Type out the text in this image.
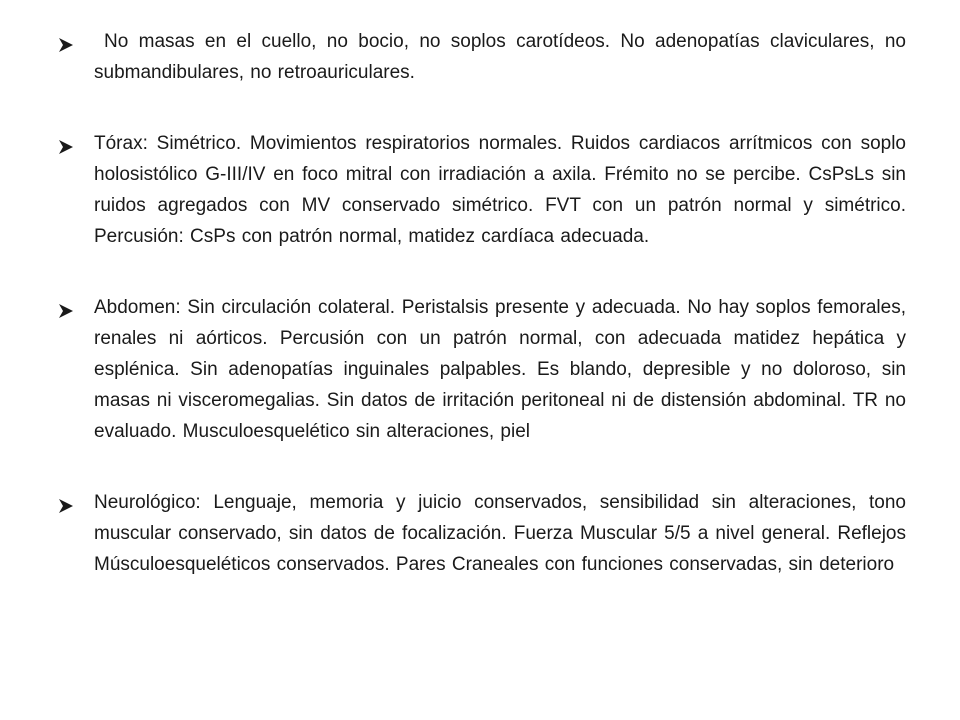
No masas en el cuello, no bocio, no soplos carotídeos. No adenopatías claviculares, no submandibulares, no retroauriculares.

Tórax: Simétrico. Movimientos respiratorios normales. Ruidos cardiacos arrítmicos con soplo holosistólico G-III/IV en foco mitral con irradiación a axila. Frémito no se percibe. CsPsLs sin ruidos agregados con MV conservado simétrico. FVT con un patrón normal y simétrico. Percusión: CsPs con patrón normal, matidez cardíaca adecuada.

Abdomen: Sin circulación colateral. Peristalsis presente y adecuada. No hay soplos femorales, renales ni aórticos. Percusión con un patrón normal, con adecuada matidez hepática y esplénica. Sin adenopatías inguinales palpables. Es blando, depresible y no doloroso, sin masas ni visceromegalias. Sin datos de irritación peritoneal ni de distensión abdominal. TR no evaluado. Musculoesquelético sin alteraciones, piel

Neurológico: Lenguaje, memoria y juicio conservados, sensibilidad sin alteraciones, tono muscular conservado, sin datos de focalización. Fuerza Muscular 5/5 a nivel general. Reflejos Músculoesqueléticos conservados. Pares Craneales con funciones conservadas, sin deterioro
